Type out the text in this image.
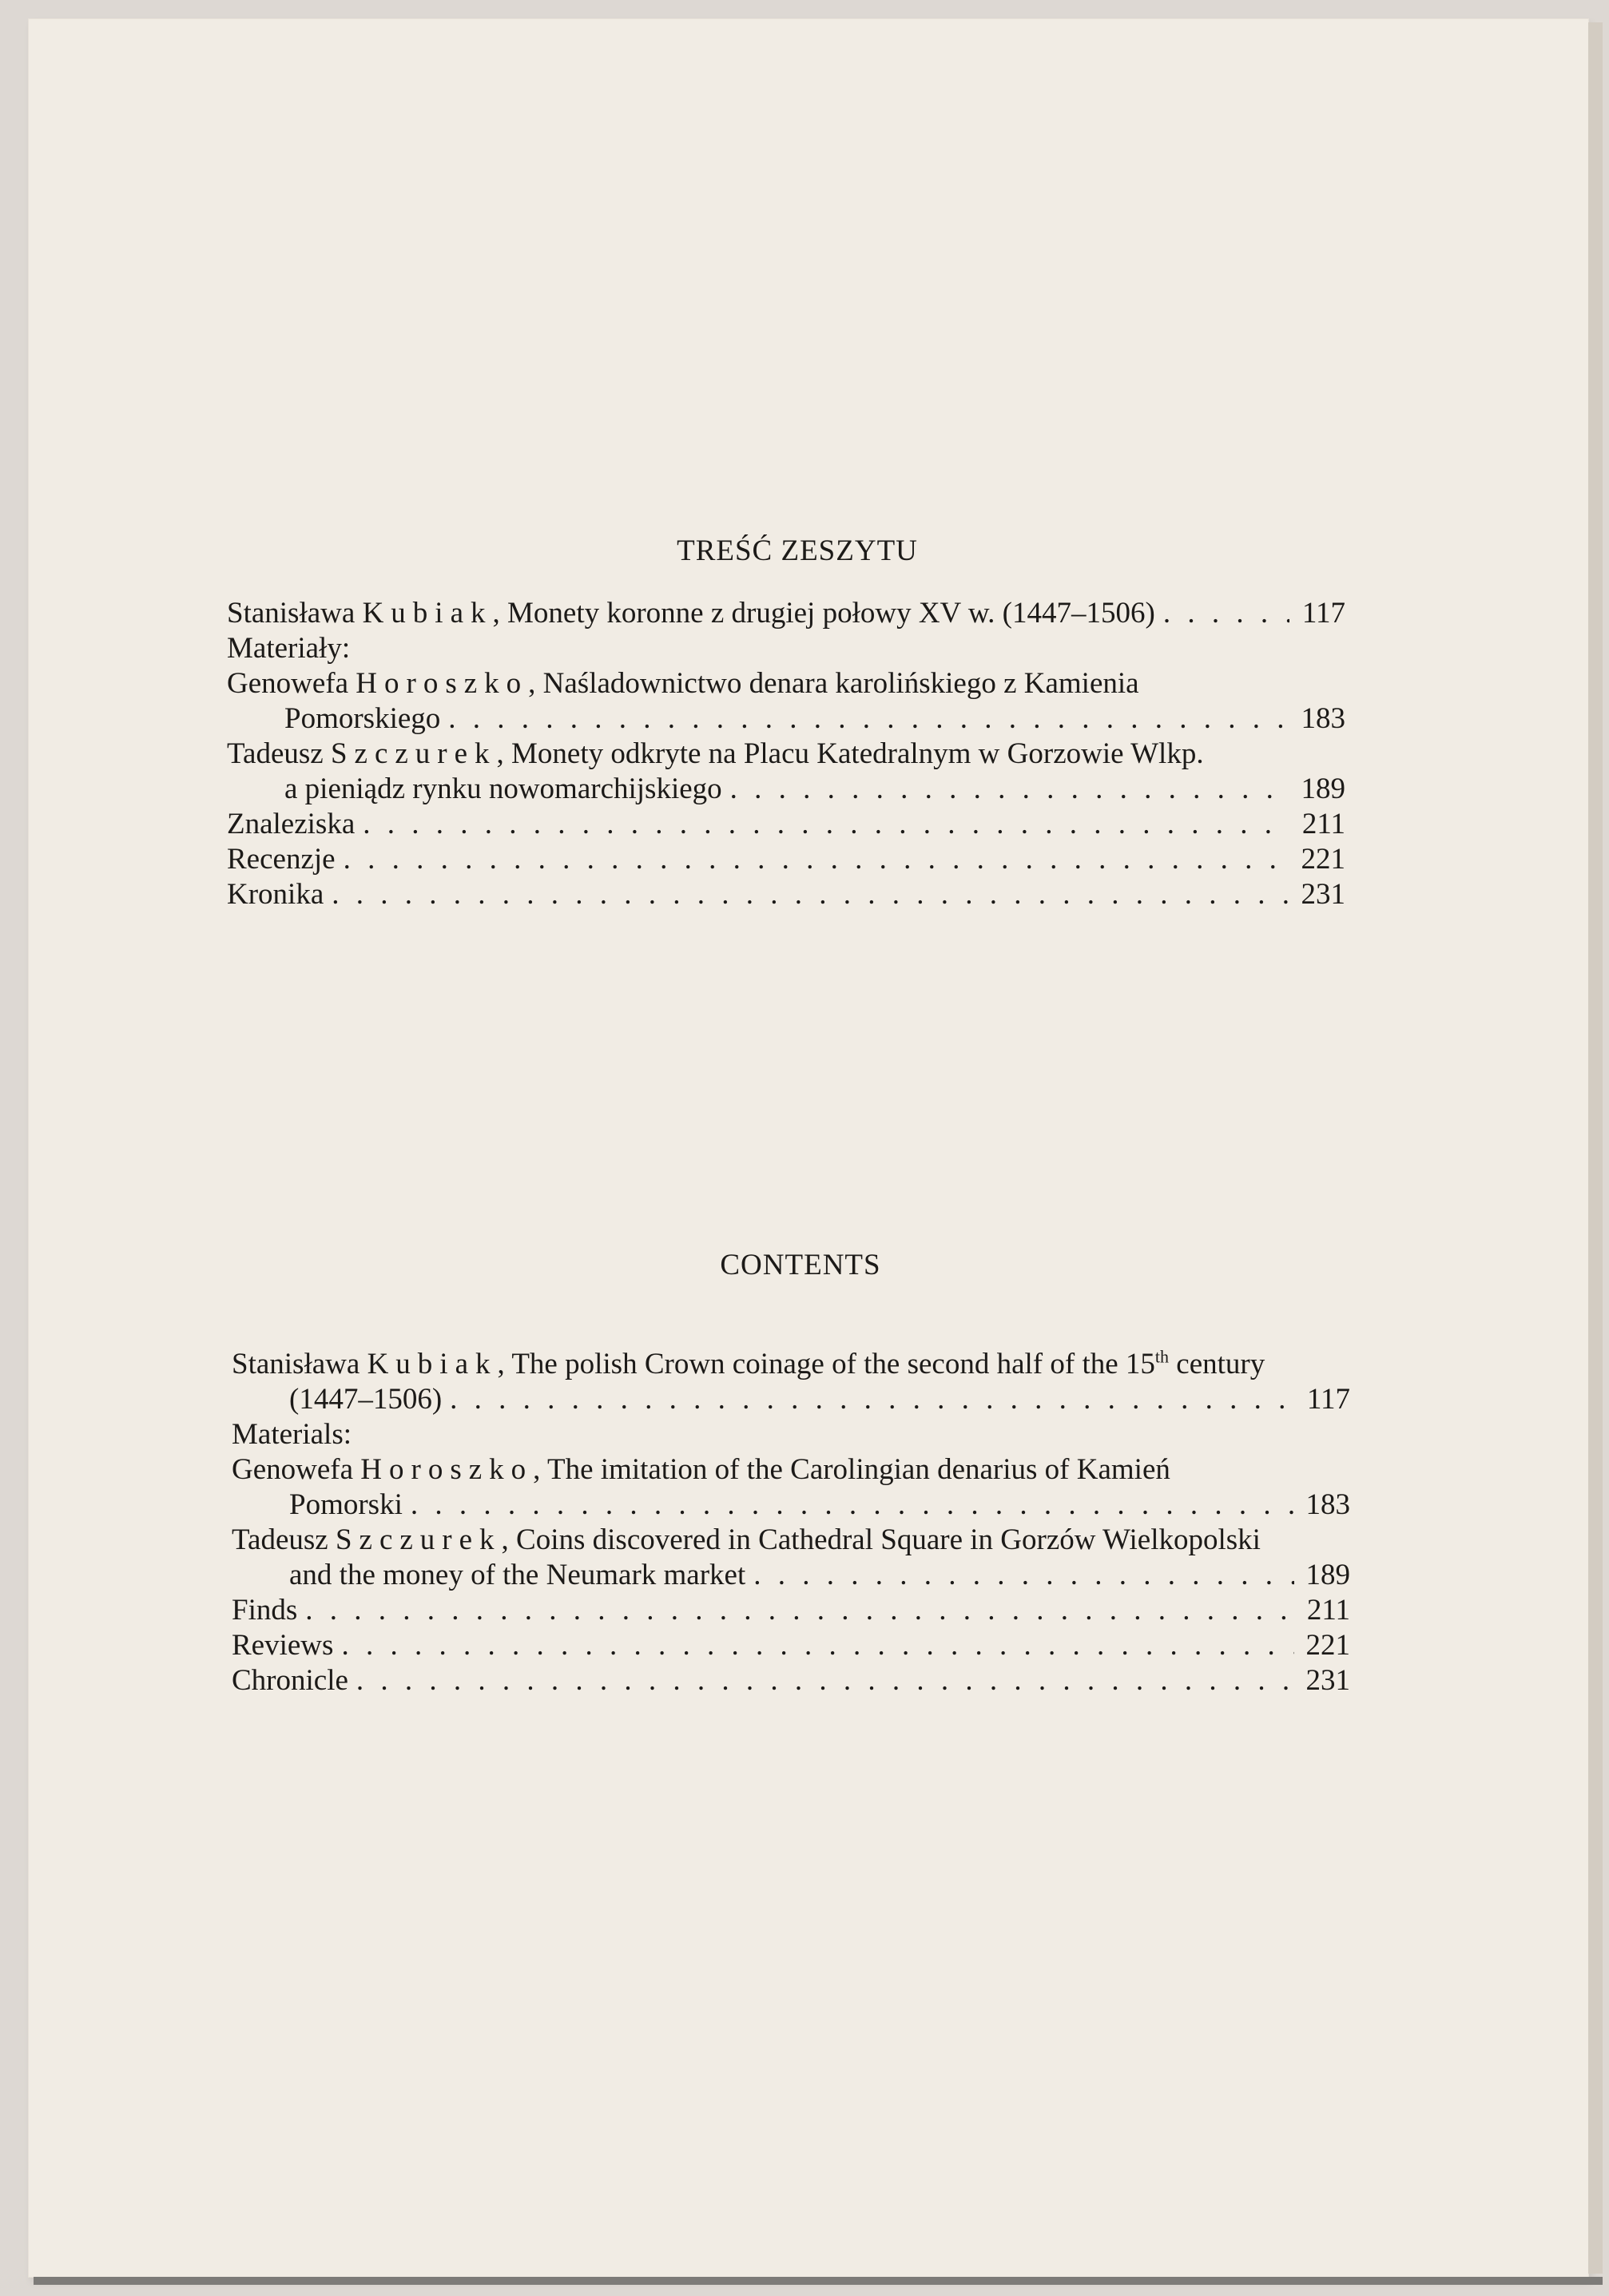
TREŚĆ ZESZYTU
Stanisława Kubiak, Monety koronne z drugiej połowy XV w. (1447–1506) . . .	117
Materiały:
Genowefa Horoszko, Naśladownictwo denara karolińskiego z Kamienia
Pomorskiego . . .	183
Tadeusz Szczurek, Monety odkryte na Placu Katedralnym w Gorzowie Wlkp.
a pieniądz rynku nowomarchijskiego . . .	189
Znaleziska . . .	211
Recenzje . . .	221
Kronika . . .	231
CONTENTS
Stanisława Kubiak, The polish Crown coinage of the second half of the 15th century
(1447–1506) . . .	117
Materials:
Genowefa Horoszko, The imitation of the Carolingian denarius of Kamień
Pomorski . . .	183
Tadeusz Szczurek, Coins discovered in Cathedral Square in Gorzów Wielkopolski
and the money of the Neumark market . . .	189
Finds . . .	211
Reviews . . .	221
Chronicle . . .	231
